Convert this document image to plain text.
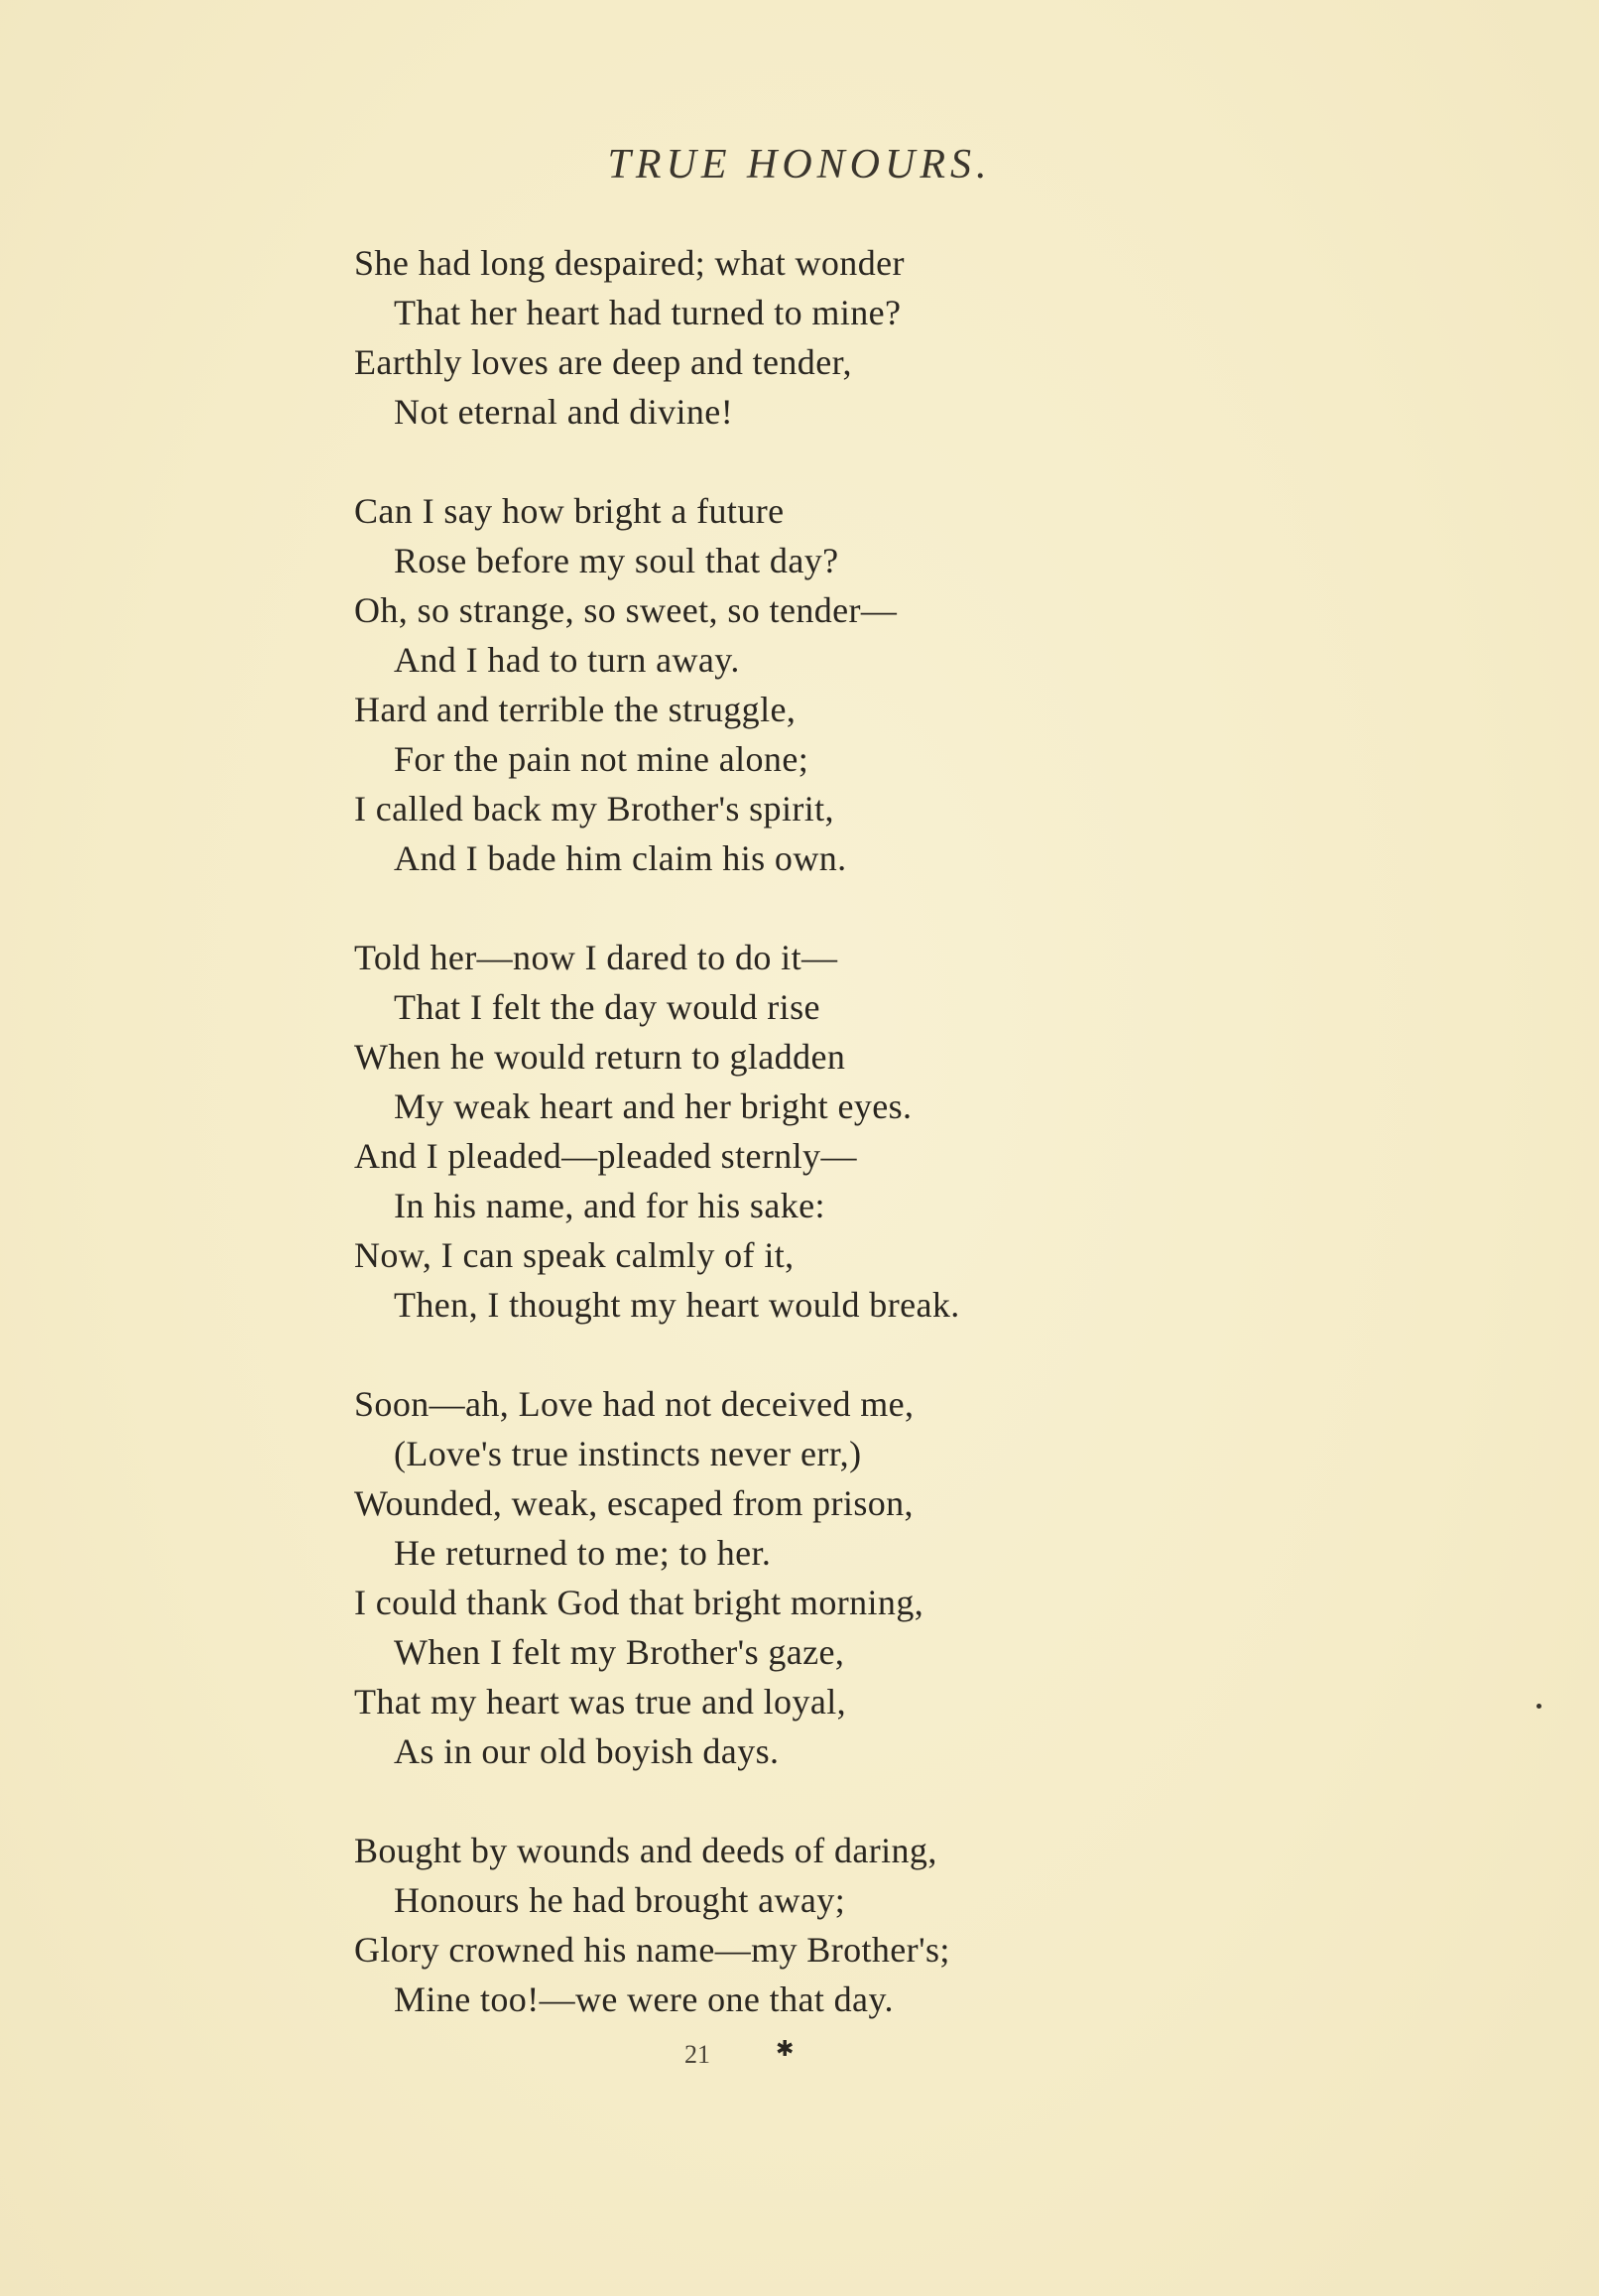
TRUE HONOURS.
She had long despaired; what wonder
That her heart had turned to mine?
Earthly loves are deep and tender,
Not eternal and divine!
Can I say how bright a future
Rose before my soul that day?
Oh, so strange, so sweet, so tender—
And I had to turn away.
Hard and terrible the struggle,
For the pain not mine alone;
I called back my Brother's spirit,
And I bade him claim his own.
Told her—now I dared to do it—
That I felt the day would rise
When he would return to gladden
My weak heart and her bright eyes.
And I pleaded—pleaded sternly—
In his name, and for his sake:
Now, I can speak calmly of it,
Then, I thought my heart would break.
Soon—ah, Love had not deceived me,
(Love's true instincts never err,)
Wounded, weak, escaped from prison,
He returned to me; to her.
I could thank God that bright morning,
When I felt my Brother's gaze,
That my heart was true and loyal,
As in our old boyish days.
Bought by wounds and deeds of daring,
Honours he had brought away;
Glory crowned his name—my Brother's;
Mine too!—we were one that day.
21	✱
